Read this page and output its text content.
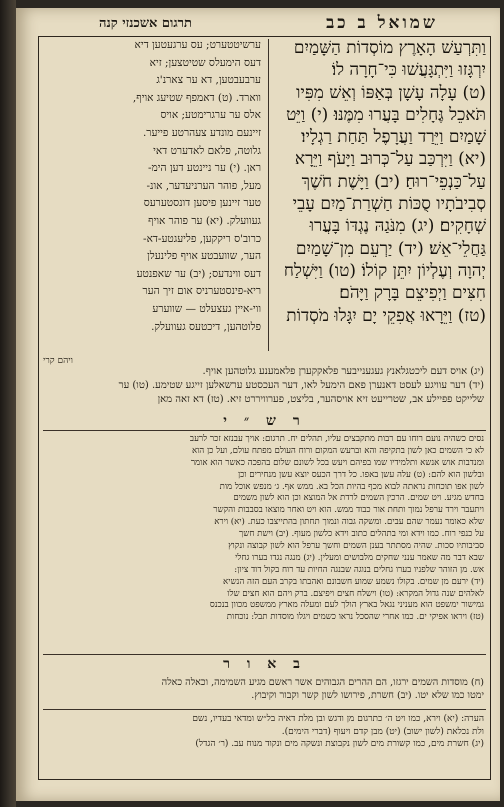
שמואל ב כב
תרגום אשכנזי קנה
וַתִּרְעַשׁ הָאָרֶץ מוֹסְדוֹת הַשָּׁמַיִם
יִרְגָּזוּ וַיִּתְגָּעֲשׁוּ כִּי־חָרָה לוֹ׃
(ט) עָלָה עָשָׁן בְּאַפּוֹ וְאֵשׁ מִפִּיו
תֹּאכֵל גֶּחָלִים בָּעֲרוּ מִמֶּנּוּ׃ (י) וַיֵּט
שָׁמַיִם וַיֵּרַד וַעֲרָפֶל תַּחַת רַגְלָיו׃
(יא) וַיִּרְכַּב עַל־כְּרוּב וַיָּעֹף וַיֵּרָא
עַל־כַּנְפֵי־רוּחַ׃ (יב) וַיָּשֶׁת חֹשֶׁךְ
סְבִיבֹתָיו סֻכּוֹת חַשְׁרַת־מַיִם עָבֵי
שְׁחָקִים׃ (יג) מִנֹּגַהּ נֶגְדּוֹ בָּעֲרוּ
גַּחֲלֵי־אֵשׁ׃ (יד) יַרְעֵם מִן־שָׁמַיִם
יְהוָה וְעֶלְיוֹן יִתֵּן קוֹלוֹ׃ (טו) וַיִּשְׁלַח
חִצִּים וַיְפִיצֵם בָּרָק וַיָּהֹם׃
(טז) וַיֵּרָאוּ אֲפִקֵי יָם יִגָּלוּ מֹסְדוֹת
ערשיטטערט; עס ערגעטען דיא
דעס הימעלס שטיטצען; זיא
ערבעבטען, דא ער צארנ'ג
ווארד. (ט) דאמפף שטיעג אויף,
אלס ער ערגרימטע; אויס
זיינעם מונדע צעהרטע פייער.
גלוטה, פלאם לאדערט דאי
ראן. (י) ער ניינטע דען הימ-
מעל, פוהר הערניעדער, אונ-
טער זיינען פיסען דונסטערעס
געוועלק. (יא) ער פוהר אויף
כרוב'ס ריקקען, פליעגטע-דא-
הער, שוועבטע אויף פלינעלן
דעס ווינדעס; (יב) ער שאפנטע
ריא-פינסטערניס אום זיך הער
ווי-איין געצעלט — שווערע
פלוטהען, דיכטעס געוועלק.
ויהם קרי
(יג) אויס דעם ליכטגלאנץ געגענייבער פלאקקערן פלאמענע גלוטהען אויף.
(יד) דער עוויגע לעסט דאנערן פאם הימעל לאו, דער העכסטע ערשאלען זייגע שטימע. (טו) ער
שלייקט פפיילע אב, שטרייעט זיא אויסהער, בליצט, פערוויררט זיא. (טז) דא זאה מאן
ר ש ״ י
נסים כשהיה נועם רוחו עם רבות מתקבצים עליו, תהלים יח. תרגום: אויך עבנזא זכר לרעב
לא כי השמים כאן לשון בתקיפה והא וברעש המקום ורוח העולם מפתח עולם, ועל כן הוא
ומנדבות אוש אנשא ותלמידיו שמו בפיהם ויעש בכל לשונם שלום בהפכה כאשר הוא אומר
ובלשון הוא להם: (ט) עלה עשן באפו. כל דרך הכעס יוצא עשן מנחירים וכן
לשון אפו תוכחות נראתה לבוא מכף בהיות הכל בא. ממש אף. ג׳ מנפש אוכל מות
בחדש מגיע. ויט שמים. הרכין השמים לרדת אל המוצא וכן הוא לשון משמים
ויתעבר וירד ערפל נמוך ותחת אור כבוד ממש. הוא ויט ואחר מוצאו בסבבות והקשר
שלא כאומר נעמר שהם עבים. ומשקה גבוה ונמוך תחתון בהתייצבו כעת. (יא) וירא
על כנפי רוח. כמו וידא ומי בתהלים כתוב וידא כלשון מעוף. (יב) וישת חשך
סביבותיו סכות. שהיה מסתתר בענן השמים וחשך ערפל הוא לשון קבוצה ונקוץ
שבא דבר מה שאמר ענני שחקים מלבושים ומעלין. (יג) מנגה נגדו בערו גחלי
אש. מן הזוהר שלפניו בערו גחלים בנוגה שבנגה החיות עד רוח בקול דוד ציון:
(יד) ירעם מן שמים. בקולו נשמע שמוע חשבונם ואהבתו בקרב העם הזה הנשיא
לאלהים שנה גדול המקרא: (טו) וישלח חצים ויפיצם. ברק ויהם הוא חצים שלו
גמישור ימשפט הוא מעניני נגאל בארץ הולך לעם ומעלה מארץ ממשפט מכוון בנכנס
(טז) ויראו אפיקי ים. כמו אחרי שהסכל נראו כשמים ויגלו מוסדות תבל: נוכחות
ב א ו ר
(ח) מוסדות השמים ירגזו, הם ההרים הגבוהים אשר ראשם מגיע השמימה, וכאלה כאלה
ימטו כמו שלא יטו. (יב) חשרת, פירושו לשון קשר וקבור וקיבוץ.
הערה: (יא) וירא, כמו ויט ה׳ כתרגום מן ודגש ובן מלת דאיה בל״ש ומדאי בעדיו, נשם
ולת נכלאת (לשון ישוב) (יט) מבן קדם ויעוף (דברי הימים).
(יג) חשרת מים, כמו קשורת מים לשון נקבוצת ונשקה מים ונקוד מנוח עב. (ר׳ הגדל)
